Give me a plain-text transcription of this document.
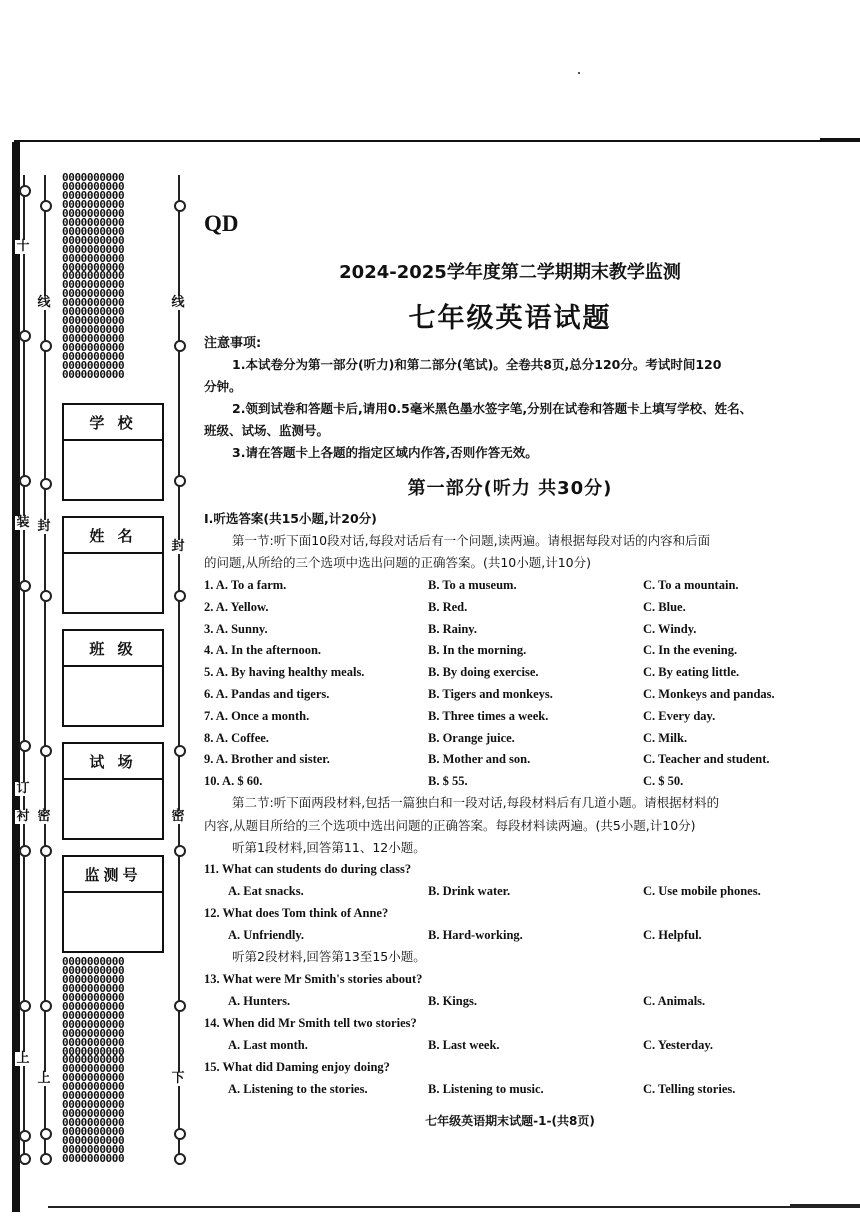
线	线
封
封
密	密
上	下
十
装
订
衬
上
0000000000
0000000000
0000000000
0000000000
0000000000
0000000000
0000000000
0000000000
0000000000
0000000000
0000000000
0000000000
0000000000
0000000000
0000000000
0000000000
0000000000
0000000000
0000000000
0000000000
0000000000
0000000000
0000000000
0000000000
0000000000
0000000000
0000000000
0000000000
0000000000
0000000000
0000000000
0000000000
0000000000
0000000000
0000000000
0000000000
0000000000
0000000000
0000000000
0000000000
0000000000
0000000000
0000000000
0000000000
0000000000
0000000000
学 校
姓 名
班 级
试 场
监测号
QD
2024-2025学年度第二学期期末教学监测
七年级英语试题
注意事项:
1.本试卷分为第一部分(听力)和第二部分(笔试)。全卷共8页,总分120分。考试时间120
分钟。
2.领到试卷和答题卡后,请用0.5毫米黑色墨水签字笔,分别在试卷和答题卡上填写学校、姓名、
班级、试场、监测号。
3.请在答题卡上各题的指定区域内作答,否则作答无效。
第一部分(听力 共30分)
Ⅰ.听选答案(共15小题,计20分)
第一节:听下面10段对话,每段对话后有一个问题,读两遍。请根据每段对话的内容和后面
的问题,从所给的三个选项中选出问题的正确答案。(共10小题,计10分)
1. A. To a farm.	B. To a museum.	C. To a mountain.
2. A. Yellow.	B. Red.	C. Blue.
3. A. Sunny.	B. Rainy.	C. Windy.
4. A. In the afternoon.	B. In the morning.	C. In the evening.
5. A. By having healthy meals.	B. By doing exercise.	C. By eating little.
6. A. Pandas and tigers.	B. Tigers and monkeys.	C. Monkeys and pandas.
7. A. Once a month.	B. Three times a week.	C. Every day.
8. A. Coffee.	B. Orange juice.	C. Milk.
9. A. Brother and sister.	B. Mother and son.	C. Teacher and student.
10. A. $ 60.	B. $ 55.	C. $ 50.
第二节:听下面两段材料,包括一篇独白和一段对话,每段材料后有几道小题。请根据材料的
内容,从题目所给的三个选项中选出问题的正确答案。每段材料读两遍。(共5小题,计10分)
听第1段材料,回答第11、12小题。
听第2段材料,回答第13至15小题。
11. What can students do during class?
A. Eat snacks.	B. Drink water.	C. Use mobile phones.
12. What does Tom think of Anne?
A. Unfriendly.	B. Hard-working.	C. Helpful.
13. What were Mr Smith's stories about?
A. Hunters.	B. Kings.	C. Animals.
14. When did Mr Smith tell two stories?
A. Last month.	B. Last week.	C. Yesterday.
15. What did Daming enjoy doing?
A. Listening to the stories.	B. Listening to music.	C. Telling stories.
七年级英语期末试题-1-(共8页)
